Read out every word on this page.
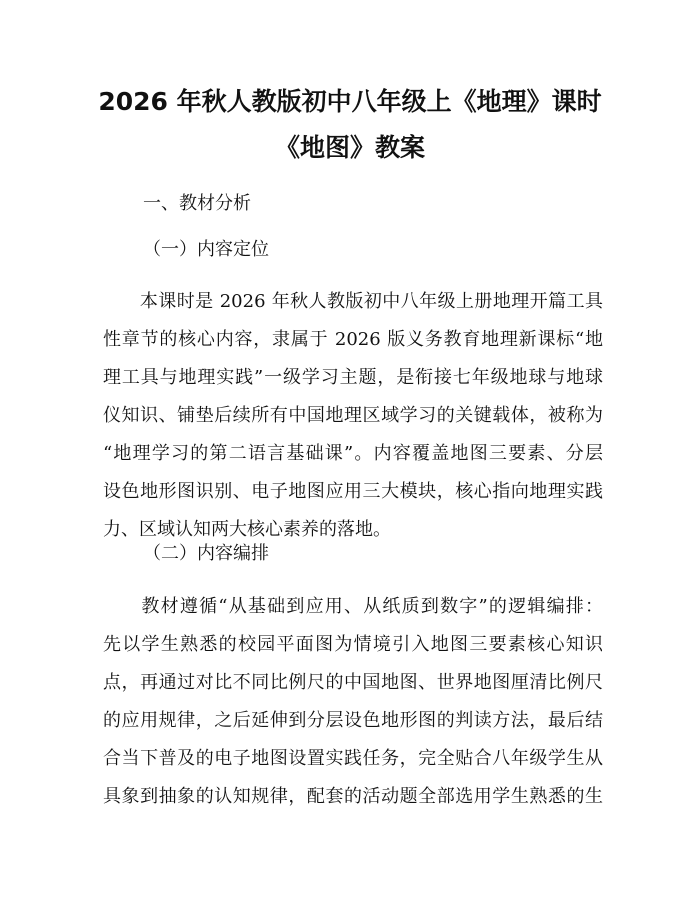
2026 年秋人教版初中八年级上《地理》课时
《地图》教案
一、教材分析
（一）内容定位
　　本课时是 2026 年秋人教版初中八年级上册地理开篇工具
性章节的核心内容，隶属于 2026 版义务教育地理新课标“地
理工具与地理实践”一级学习主题，是衔接七年级地球与地球
仪知识、铺垫后续所有中国地理区域学习的关键载体，被称为
“地理学习的第二语言基础课”。内容覆盖地图三要素、分层
设色地形图识别、电子地图应用三大模块，核心指向地理实践
力、区域认知两大核心素养的落地。
（二）内容编排
　　教材遵循“从基础到应用、从纸质到数字”的逻辑编排：
先以学生熟悉的校园平面图为情境引入地图三要素核心知识
点，再通过对比不同比例尺的中国地图、世界地图厘清比例尺
的应用规律，之后延伸到分层设色地形图的判读方法，最后结
合当下普及的电子地图设置实践任务，完全贴合八年级学生从
具象到抽象的认知规律，配套的活动题全部选用学生熟悉的生
